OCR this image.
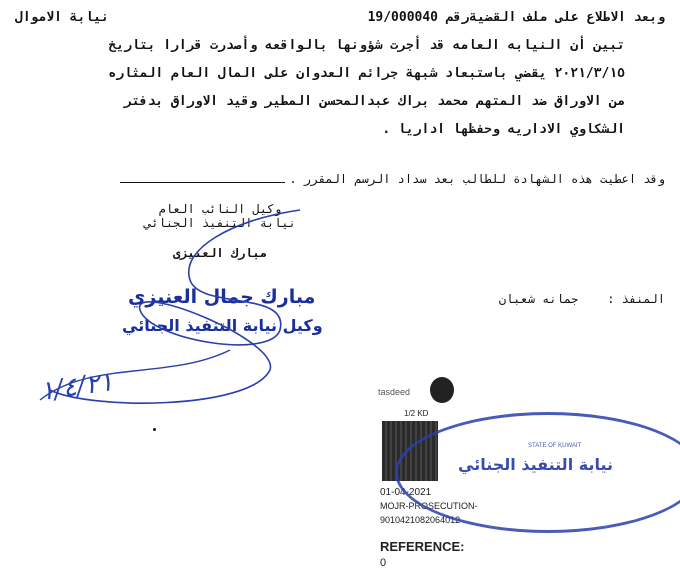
نيابة الاموال	وبعد الاطلاع على ملف القضيةرقم 19/000040
تبين أن النيابه العامه قد أجرت شؤونها بالواقعه وأصدرت قرارا بتاريخ
٢٠٢١/٣/١٥ يقضي باستبعاد شبهة جرائم العدوان على المال العام المثاره
من الاوراق ضد المتهم محمد براك عبدالمحسن المطير وقيد الاوراق بدفتر
الشكاوي الاداريه وحفظها اداريا .
وقد اعطيت هذه الشهادة للطالب بعد سداد الرسم المقرر .
وكيل النائب العام
نيابة التنفيذ الجنائي
مبارك العنيزى
مبارك جمال العنيزي
وكيل نيابة التنفيذ الجنائي
١/٤/٢١
المنفذ :    جمانه شعبان
tasdeed
1/2 KD
01-04-2021
MOJR-PROSECUTION-
9010421082064012
REFERENCE:
0
STATE OF KUWAIT
نيابة التنفيذ الجنائي
